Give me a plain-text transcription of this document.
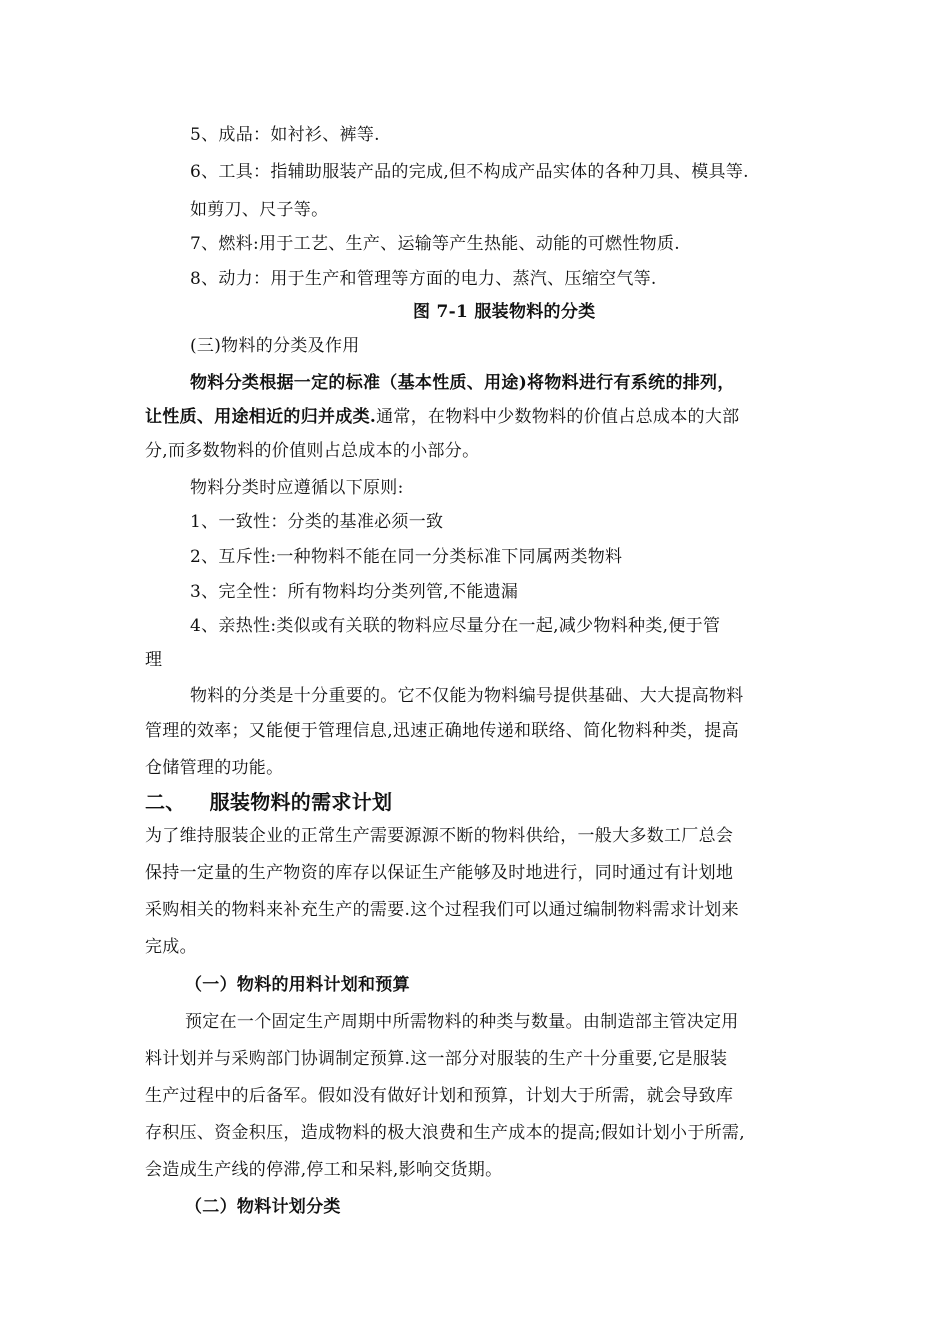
5、成品：如衬衫、裤等.
6、工具：指辅助服装产品的完成,但不构成产品实体的各种刀具、模具等.
如剪刀、尺子等。
7、燃料:用于工艺、生产、运输等产生热能、动能的可燃性物质.
8、动力：用于生产和管理等方面的电力、蒸汽、压缩空气等.
图 7-1 服装物料的分类
(三)物料的分类及作用
物料分类根据一定的标准（基本性质、用途)将物料进行有系统的排列，
让性质、用途相近的归并成类.通常，在物料中少数物料的价值占总成本的大部
分,而多数物料的价值则占总成本的小部分。
物料分类时应遵循以下原则:
1、一致性：分类的基准必须一致
2、互斥性:一种物料不能在同一分类标准下同属两类物料
3、完全性：所有物料均分类列管,不能遗漏
4、亲热性:类似或有关联的物料应尽量分在一起,减少物料种类,便于管
理
物料的分类是十分重要的。它不仅能为物料编号提供基础、大大提高物料
管理的效率；又能便于管理信息,迅速正确地传递和联络、简化物料种类，提高
仓储管理的功能。
二、 服装物料的需求计划
为了维持服装企业的正常生产需要源源不断的物料供给，一般大多数工厂总会
保持一定量的生产物资的库存以保证生产能够及时地进行，同时通过有计划地
采购相关的物料来补充生产的需要.这个过程我们可以通过编制物料需求计划来
完成。
（一）物料的用料计划和预算
预定在一个固定生产周期中所需物料的种类与数量。由制造部主管决定用
料计划并与采购部门协调制定预算.这一部分对服装的生产十分重要,它是服装
生产过程中的后备军。假如没有做好计划和预算，计划大于所需，就会导致库
存积压、资金积压，造成物料的极大浪费和生产成本的提高;假如计划小于所需,
会造成生产线的停滞,停工和呆料,影响交货期。
（二）物料计划分类
